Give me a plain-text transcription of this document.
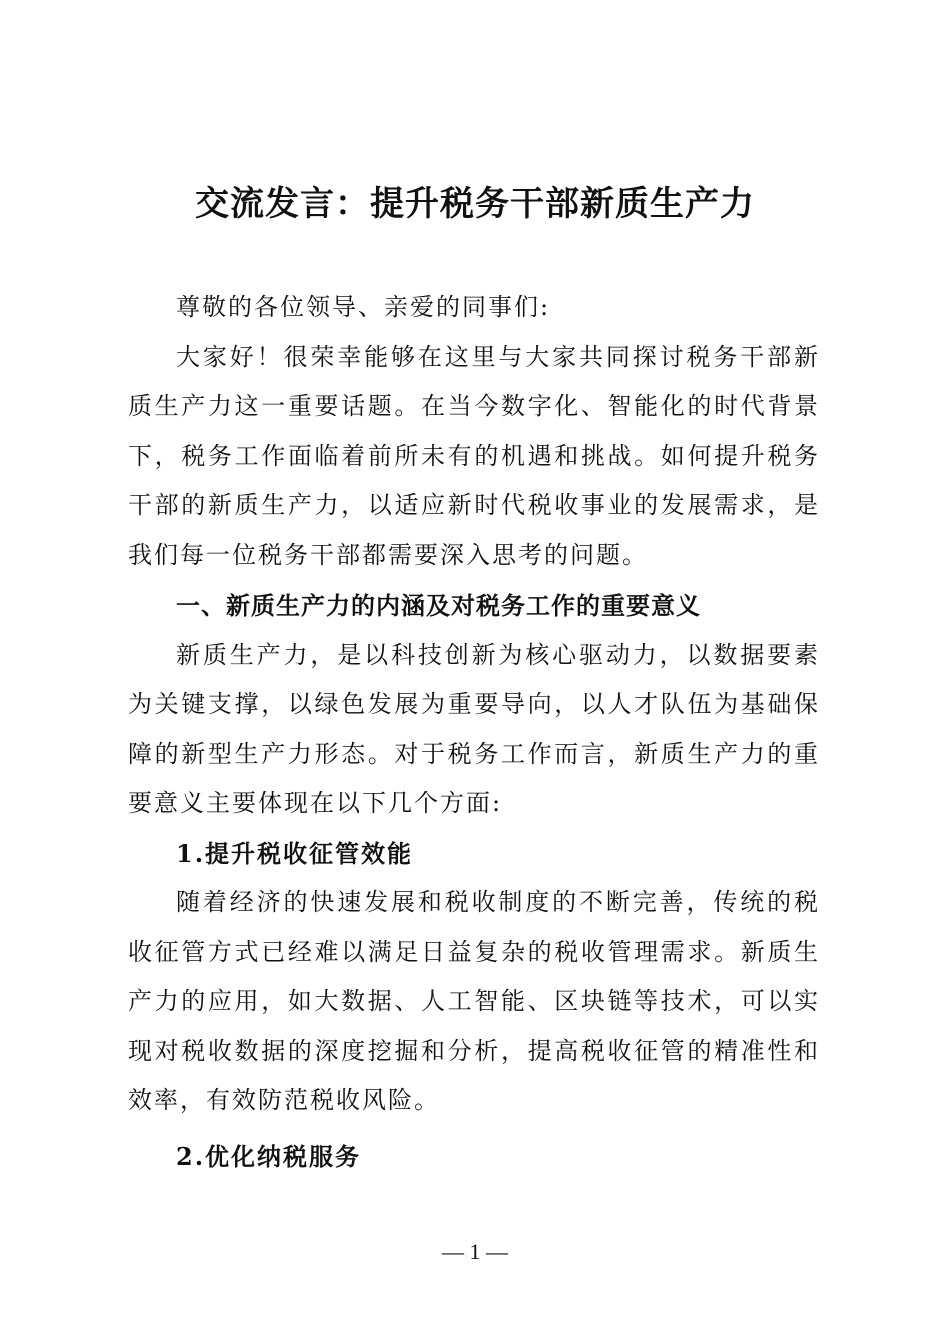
交流发言：提升税务干部新质生产力

尊敬的各位领导、亲爱的同事们:

大家好！很荣幸能够在这里与大家共同探讨税务干部新质生产力这一重要话题。在当今数字化、智能化的时代背景下，税务工作面临着前所未有的机遇和挑战。如何提升税务干部的新质生产力，以适应新时代税收事业的发展需求，是我们每一位税务干部都需要深入思考的问题。

一、新质生产力的内涵及对税务工作的重要意义

新质生产力，是以科技创新为核心驱动力，以数据要素为关键支撑，以绿色发展为重要导向，以人才队伍为基础保障的新型生产力形态。对于税务工作而言，新质生产力的重要意义主要体现在以下几个方面:

1.提升税收征管效能

随着经济的快速发展和税收制度的不断完善，传统的税收征管方式已经难以满足日益复杂的税收管理需求。新质生产力的应用，如大数据、人工智能、区块链等技术，可以实现对税收数据的深度挖掘和分析，提高税收征管的精准性和效率，有效防范税收风险。

2.优化纳税服务

— 1 —
